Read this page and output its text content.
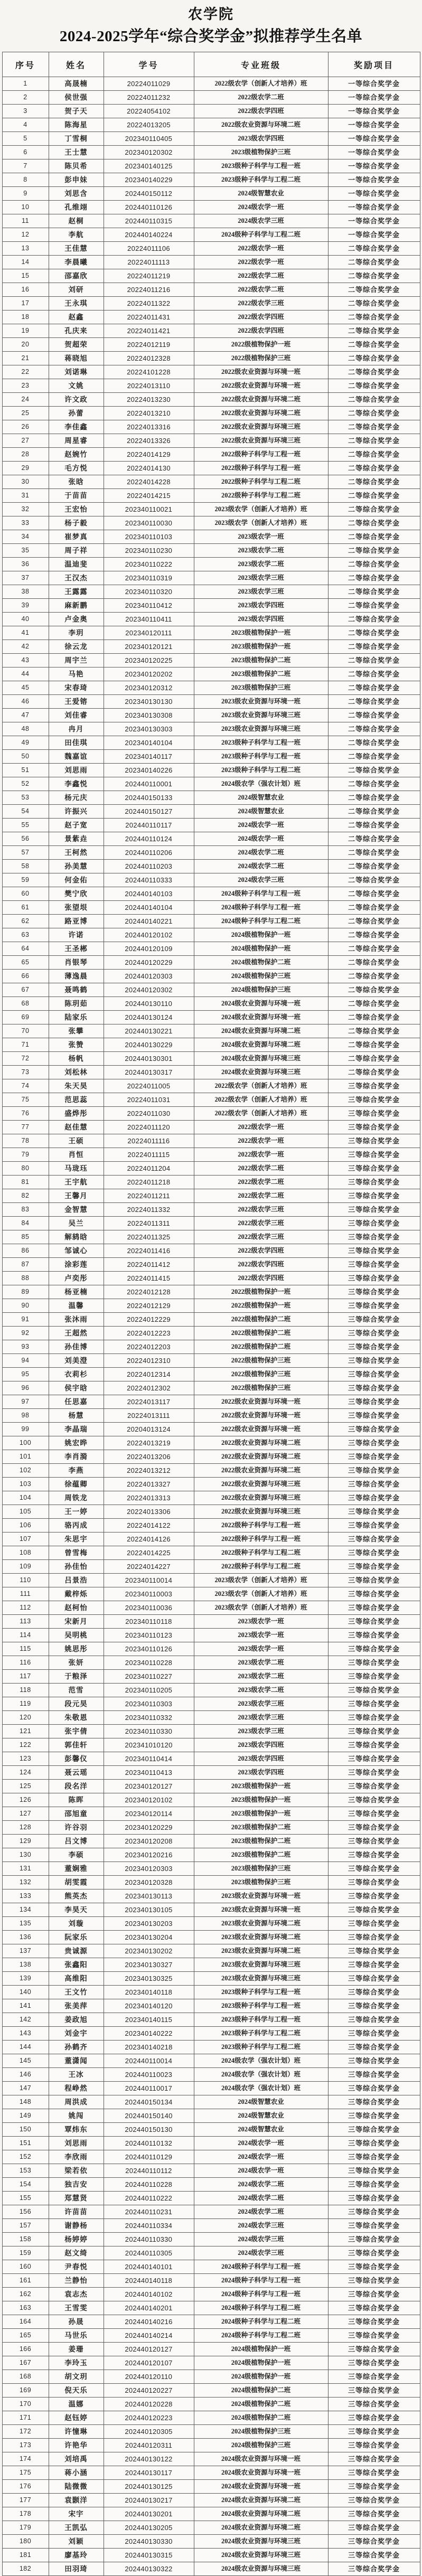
农学院
2024-2025学年“综合奖学金”拟推荐学生名单
序号	姓名	学号	专业班级	奖励项目
1	高晟楠	20224011029	2022级农学（创新人才培养）班	一等综合奖学金
2	侯世强	20224011232	2022级农学二班	一等综合奖学金
3	贺子天	20224054102	2022级农学四班	一等综合奖学金
4	陈海星	20224013205	2022级农业资源与环境二班	一等综合奖学金
5	丁雪桐	202340110405	2023级农学四班	一等综合奖学金
6	王士慧	202340120302	2023级植物保护三班	一等综合奖学金
7	陈贝希	202340140125	2023级种子科学与工程一班	一等综合奖学金
8	彭申妹	202340140229	2023级种子科学与工程二班	一等综合奖学金
9	刘思含	202440150112	2024级智慧农业	一等综合奖学金
10	孔维翊	202440110126	2024级农学一班	一等综合奖学金
11	赵桐	202440110315	2024级农学三班	一等综合奖学金
12	李航	202440140224	2024级种子科学与工程二班	一等综合奖学金
13	王佳慧	20224011106	2022级农学一班	二等综合奖学金
14	李晨曦	20224011113	2022级农学一班	二等综合奖学金
15	邵嘉欣	20224011219	2022级农学二班	二等综合奖学金
16	刘研	20224011216	2022级农学二班	二等综合奖学金
17	王永琪	20224011322	2022级农学三班	二等综合奖学金
18	赵鑫	20224011431	2022级农学四班	二等综合奖学金
19	孔庆来	20224011421	2022级农学四班	二等综合奖学金
20	贺超荣	20224012119	2022级植物保护一班	二等综合奖学金
21	蒋晓旭	20224012328	2022级植物保护三班	二等综合奖学金
22	刘诺琳	20224101228	2022级农业资源与环境一班	二等综合奖学金
23	文姚	20224013110	2022级农业资源与环境一班	二等综合奖学金
24	许文政	20224013230	2022级农业资源与环境二班	二等综合奖学金
25	孙蕾	20224013210	2022级农业资源与环境二班	二等综合奖学金
26	李佳鑫	20224013316	2022级农业资源与环境三班	二等综合奖学金
27	周星睿	20224013326	2022级农业资源与环境三班	二等综合奖学金
28	赵婉竹	20224014129	2022级种子科学与工程一班	二等综合奖学金
29	毛方悦	20224014130	2022级种子科学与工程一班	二等综合奖学金
30	张晗	20224014228	2022级种子科学与工程二班	二等综合奖学金
31	于苗苗	20224014215	2022级种子科学与工程二班	二等综合奖学金
32	王宏怡	202340110021	2023级农学（创新人才培养）班	二等综合奖学金
33	杨子毅	202340110030	2023级农学（创新人才培养）班	二等综合奖学金
34	崔梦真	202340110103	2023级农学一班	二等综合奖学金
35	周子祥	202340110230	2023级农学二班	二等综合奖学金
36	温迪斐	202340110222	2023级农学二班	二等综合奖学金
37	王汉杰	202340110319	2023级农学三班	二等综合奖学金
38	王露露	202340110320	2023级农学三班	二等综合奖学金
39	麻新鹏	202340110412	2023级农学四班	二等综合奖学金
40	卢金奥	202340110411	2023级农学四班	二等综合奖学金
41	李玥	202340120111	2023级植物保护一班	二等综合奖学金
42	徐云龙	202340120121	2023级植物保护一班	二等综合奖学金
43	周宇兰	202340120225	2023级植物保护二班	二等综合奖学金
44	马艳	202340120202	2023级植物保护二班	二等综合奖学金
45	宋春琦	202340120312	2023级植物保护三班	二等综合奖学金
46	王爱镕	202340130130	2023级农业资源与环境一班	二等综合奖学金
47	刘佳睿	202340130308	2023级农业资源与环境三班	二等综合奖学金
48	冉月	202340130303	2023级农业资源与环境三班	二等综合奖学金
49	田佳琪	202340140104	2023级种子科学与工程一班	二等综合奖学金
50	魏嘉谊	202340140117	2023级种子科学与工程一班	二等综合奖学金
51	刘思雨	202340140226	2023级种子科学与工程二班	二等综合奖学金
52	李鑫悦	202440110001	2024级农学（强农计划）班	二等综合奖学金
53	杨元庆	202440150133	2024级智慧农业	二等综合奖学金
54	许振兴	202440150127	2024级智慧农业	二等综合奖学金
55	赵子宽	202440110117	2024级农学一班	二等综合奖学金
56	景紫垚	202440110124	2024级农学一班	二等综合奖学金
57	王柯然	202440110206	2024级农学二班	二等综合奖学金
58	孙美慧	202440110203	2024级农学二班	二等综合奖学金
59	何金佑	202440110333	2024级农学三班	二等综合奖学金
60	樊宁欣	202440140103	2024级种子科学与工程一班	二等综合奖学金
61	张望垠	202440140104	2024级种子科学与工程一班	二等综合奖学金
62	路亚博	202440140221	2024级种子科学与工程二班	二等综合奖学金
63	许诺	202440120102	2024级植物保护一班	二等综合奖学金
64	王圣郴	202440120109	2024级植物保护一班	二等综合奖学金
65	肖银琴	202440120229	2024级植物保护二班	二等综合奖学金
66	薄逸晨	202440120303	2024级植物保护三班	二等综合奖学金
67	聂鸣鹤	202440120302	2024级植物保护三班	二等综合奖学金
68	陈玥茹	202440130110	2024级农业资源与环境一班	二等综合奖学金
69	陆家乐	202440130124	2024级农业资源与环境一班	二等综合奖学金
70	张攀	202440130221	2024级农业资源与环境二班	二等综合奖学金
71	张赞	202440130229	2024级农业资源与环境二班	二等综合奖学金
72	杨帆	202440130301	2024级农业资源与环境三班	二等综合奖学金
73	刘松林	202440130317	2024级农业资源与环境三班	二等综合奖学金
74	朱天昊	20224011005	2022级农学（创新人才培养）班	三等综合奖学金
75	范思蕊	20224011031	2022级农学（创新人才培养）班	三等综合奖学金
76	盛烨彤	20224011030	2022级农学（创新人才培养）班	三等综合奖学金
77	赵佳慧	20224011120	2022级农学一班	三等综合奖学金
78	王硕	20224011116	2022级农学一班	三等综合奖学金
79	肖恒	20224011115	2022级农学一班	三等综合奖学金
80	马珑珏	20224011204	2022级农学二班	三等综合奖学金
81	王宇航	20224011218	2022级农学二班	三等综合奖学金
82	王馨月	20224011211	2022级农学二班	三等综合奖学金
83	金智慧	20224011332	2022级农学三班	三等综合奖学金
84	吴兰	20224011311	2022级农学三班	三等综合奖学金
85	解鸫晗	20224011325	2022级农学三班	三等综合奖学金
86	邹诚心	20224011416	2022级农学四班	三等综合奖学金
87	涂彩莲	20224011412	2022级农学四班	三等综合奖学金
88	卢奕彤	20224011415	2022级农学四班	三等综合奖学金
89	杨亚楠	20224012128	2022级植物保护一班	三等综合奖学金
90	温馨	20224012129	2022级植物保护一班	三等综合奖学金
91	张沐雨	20224012229	2022级植物保护二班	三等综合奖学金
92	王超然	20224012223	2022级植物保护二班	三等综合奖学金
93	孙佳博	20224012203	2022级植物保护二班	三等综合奖学金
94	刘美澄	20224012310	2022级植物保护三班	三等综合奖学金
95	衣莉杉	20224012314	2022级植物保护三班	三等综合奖学金
96	侯宇晗	20224012302	2022级植物保护三班	三等综合奖学金
97	任思嘉	20224013117	2022级农业资源与环境一班	三等综合奖学金
98	杨慧	20224013111	2022级农业资源与环境一班	三等综合奖学金
99	李晶瑞	20204013124	2022级农业资源与环境一班	三等综合奖学金
100	姚宏晔	20224013219	2022级农业资源与环境二班	三等综合奖学金
101	李肖漪	20224013206	2022级农业资源与环境二班	三等综合奖学金
102	李燕	20224013212	2022级农业资源与环境二班	三等综合奖学金
103	徐蕴卿	20224013327	2022级农业资源与环境三班	三等综合奖学金
104	周铁龙	20224013313	2022级农业资源与环境三班	三等综合奖学金
105	王一婷	20224013306	2022级农业资源与环境三班	三等综合奖学金
106	骆丙成	20224014122	2022级种子科学与工程一班	三等综合奖学金
107	朱思宇	20224014126	2022级种子科学与工程一班	三等综合奖学金
108	曾雪梅	20224014225	2022级种子科学与工程二班	三等综合奖学金
109	孙佳怡	20224014227	2022级种子科学与工程二班	三等综合奖学金
110	吕景浩	202340110014	2023级农学（创新人才培养）班	三等综合奖学金
111	戴梓烁	202340110003	2023级农学（创新人才培养）班	三等综合奖学金
112	赵柯怡	202340110036	2023级农学（创新人才培养）班	三等综合奖学金
113	宋新月	202340110118	2023级农学一班	三等综合奖学金
114	吴明桃	202340110123	2023级农学一班	三等综合奖学金
115	姚思彤	202340110126	2023级农学一班	三等综合奖学金
116	张妍	202340110228	2023级农学二班	三等综合奖学金
117	于粮泽	202340110227	2023级农学二班	三等综合奖学金
118	范雪	202340110205	2023级农学二班	三等综合奖学金
119	段元昊	202340110303	2023级农学三班	三等综合奖学金
120	朱敬恩	202340110332	2023级农学三班	三等综合奖学金
121	张宇倩	202340110330	2023级农学三班	三等综合奖学金
122	郭佳轩	202341010120	2023级农学四班	三等综合奖学金
123	彭馨仪	202340110414	2023级农学四班	三等综合奖学金
124	聂云瑶	202340110413	2023级农学四班	三等综合奖学金
125	段名洋	202340120127	2023级植物保护一班	三等综合奖学金
126	陈晖	202340120102	2023级植物保护一班	三等综合奖学金
127	邵旭童	202340120114	2023级植物保护一班	三等综合奖学金
128	许谷羽	202340120229	2023级植物保护二班	三等综合奖学金
129	吕文博	202340120208	2023级植物保护二班	三等综合奖学金
130	李硕	202340120216	2023级植物保护二班	三等综合奖学金
131	董娴雅	202340120303	2023级植物保护三班	三等综合奖学金
132	胡雯霞	202340120328	2023级植物保护三班	三等综合奖学金
133	熊英杰	202340130113	2023级农业资源与环境一班	三等综合奖学金
134	李昊天	202340130105	2023级农业资源与环境一班	三等综合奖学金
135	刘璇	202340130203	2023级农业资源与环境二班	三等综合奖学金
136	阮家乐	202340130204	2023级农业资源与环境二班	三等综合奖学金
137	贵诚源	202340130202	2023级农业资源与环境二班	三等综合奖学金
138	张鑫阳	202340130327	2023级农业资源与环境三班	三等综合奖学金
139	高维阳	202340130325	2023级农业资源与环境三班	三等综合奖学金
140	王文竹	202340140118	2023级种子科学与工程一班	三等综合奖学金
141	张美萍	202340140120	2023级种子科学与工程一班	三等综合奖学金
142	姜政旭	202340140115	2023级种子科学与工程一班	三等综合奖学金
143	刘金宇	202340140222	2023级种子科学与工程二班	三等综合奖学金
144	孙鹤齐	202340140218	2023级种子科学与工程二班	三等综合奖学金
145	董潇闻	202440110014	2024级农学（强农计划）班	三等综合奖学金
146	王冰	202440110023	2024级农学（强农计划）班	三等综合奖学金
147	程峥然	202440110017	2024级农学（强农计划）班	三等综合奖学金
148	周洪成	202440150134	2024级智慧农业	三等综合奖学金
149	姚闯	202440150140	2024级智慧农业	三等综合奖学金
150	覃炜东	202440150130	2024级智慧农业	三等综合奖学金
151	刘思雨	202440110132	2024级农学一班	三等综合奖学金
152	李欣雨	202440110129	2024级农学一班	三等综合奖学金
153	梁若依	202440110112	2024级农学一班	三等综合奖学金
154	独吉安	202440110228	2024级农学二班	三等综合奖学金
155	郑慧贤	202440110222	2024级农学二班	三等综合奖学金
156	许苗苗	202440110231	2024级农学二班	三等综合奖学金
157	谢静杨	202440110334	2024级农学三班	三等综合奖学金
158	杨婷婷	202440110330	2024级农学三班	三等综合奖学金
159	赵文绮	202440110305	2024级农学三班	三等综合奖学金
160	尹春悦	202440140101	2024级种子科学与工程一班	三等综合奖学金
161	兰静怡	202440140118	2024级种子科学与工程一班	三等综合奖学金
162	袁志杰	202440140102	2024级种子科学与工程一班	三等综合奖学金
163	王雪雯	202440140201	2024级种子科学与工程二班	三等综合奖学金
164	孙晟	202440140216	2024级种子科学与工程二班	三等综合奖学金
165	马世乐	202440140214	2024级种子科学与工程二班	三等综合奖学金
166	姜珊	202440120127	2024级植物保护一班	三等综合奖学金
167	李玲玉	202440120107	2024级植物保护一班	三等综合奖学金
168	胡文玥	202440120110	2024级植物保护一班	三等综合奖学金
169	倪天乐	202440120227	2024级植物保护二班	三等综合奖学金
170	温娜	202440120228	2024级植物保护二班	三等综合奖学金
171	赵钰婷	202440120223	2024级植物保护二班	三等综合奖学金
172	许憧琳	202440120305	2024级植物保护三班	三等综合奖学金
173	许艳华	202440120311	2024级植物保护三班	三等综合奖学金
174	刘培禹	202440130122	2024级农业资源与环境一班	三等综合奖学金
175	蒋小涵	202440130117	2024级农业资源与环境一班	三等综合奖学金
176	陆微微	202440130125	2024级农业资源与环境一班	三等综合奖学金
177	袁颢洋	202440130217	2024级农业资源与环境二班	三等综合奖学金
178	宋宇	202440130201	2024级农业资源与环境二班	三等综合奖学金
179	王凯弘	202440130205	2024级农业资源与环境二班	三等综合奖学金
180	刘颖	202440130330	2024级农业资源与环境三班	三等综合奖学金
181	廖基玲	202440130315	2024级农业资源与环境三班	三等综合奖学金
182	田羽琦	202440130322	2024级农业资源与环境三班	三等综合奖学金
